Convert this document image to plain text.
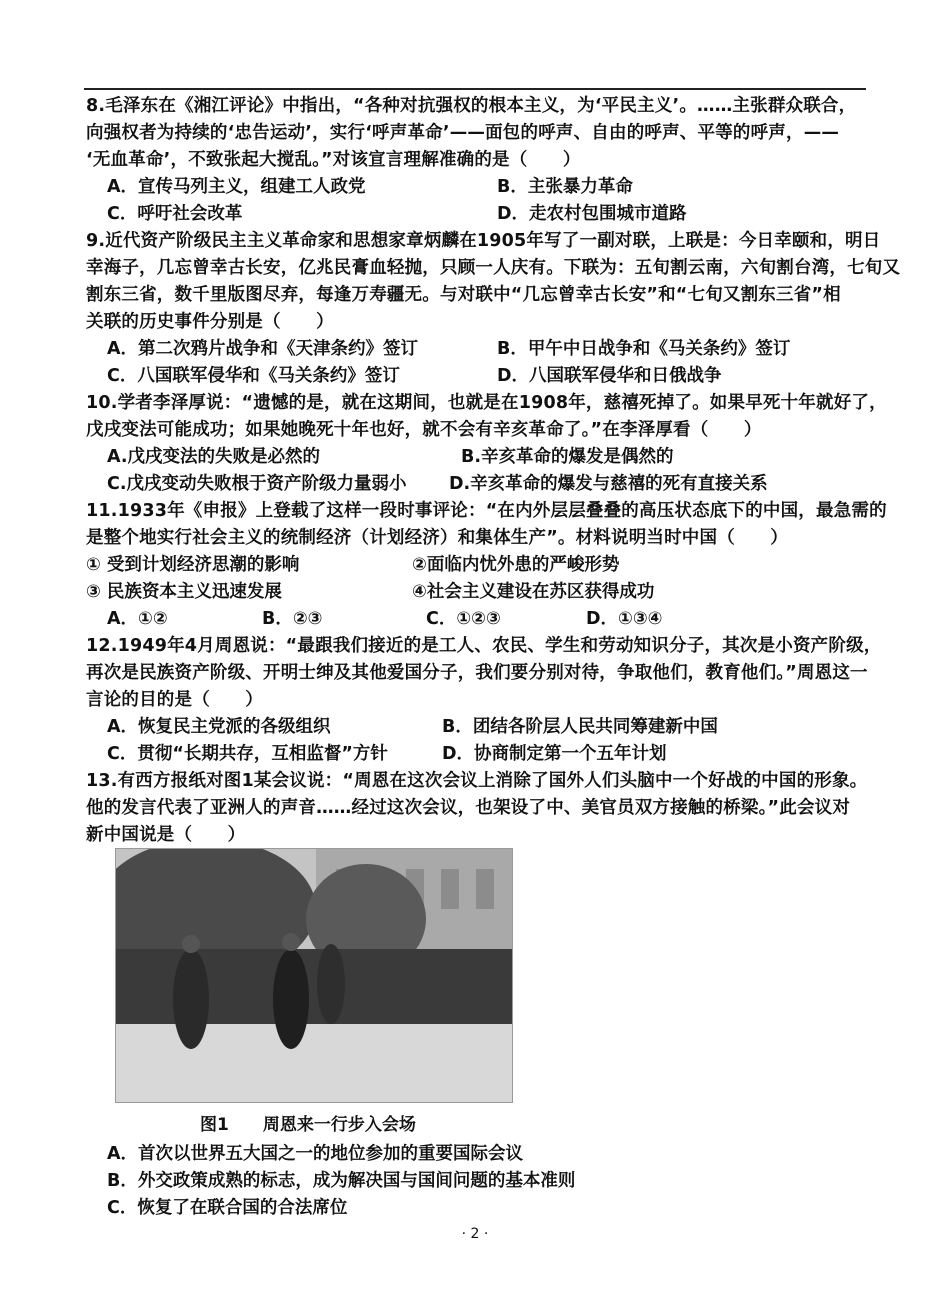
8.毛泽东在《湘江评论》中指出，“各种对抗强权的根本主义，为‘平民主义’。……主张群众联合，
向强权者为持续的‘忠告运动’，实行‘呼声革命’——面包的呼声、自由的呼声、平等的呼声，——
‘无血革命’，不致张起大搅乱。”对该宣言理解准确的是（　　）
A．宣传马列主义，组建工人政党	B．主张暴力革命
C．呼吁社会改革	D．走农村包围城市道路
9.近代资产阶级民主主义革命家和思想家章炳麟在1905年写了一副对联，上联是：今日幸颐和，明日
幸海子，几忘曾幸古长安，亿兆民膏血轻抛，只顾一人庆有。下联为：五旬割云南，六旬割台湾，七旬又
割东三省，数千里版图尽弃，每逢万寿疆无。与对联中“几忘曾幸古长安”和“七旬又割东三省”相
关联的历史事件分别是（　　）
A．第二次鸦片战争和《天津条约》签订	B．甲午中日战争和《马关条约》签订
C．八国联军侵华和《马关条约》签订	D．八国联军侵华和日俄战争
10.学者李泽厚说：“遗憾的是，就在这期间，也就是在1908年，慈禧死掉了。如果早死十年就好了，
戊戌变法可能成功；如果她晚死十年也好，就不会有辛亥革命了。”在李泽厚看（　　）
A.戊戌变法的失败是必然的	B.辛亥革命的爆发是偶然的
C.戊戌变动失败根于资产阶级力量弱小 D.辛亥革命的爆发与慈禧的死有直接关系
11.1933年《申报》上登载了这样一段时事评论：“在内外层层叠叠的高压状态底下的中国，最急需的
是整个地实行社会主义的统制经济（计划经济）和集体生产”。材料说明当时中国（　　）
① 受到计划经济思潮的影响	②面临内忧外患的严峻形势
③ 民族资本主义迅速发展	④社会主义建设在苏区获得成功
A．①②	B．②③	C．①②③	D．①③④
12.1949年4月周恩说：“最跟我们接近的是工人、农民、学生和劳动知识分子，其次是小资产阶级，
再次是民族资产阶级、开明士绅及其他爱国分子，我们要分别对待，争取他们，教育他们。”周恩这一
言论的目的是（　　）
A．恢复民主党派的各级组织	B．团结各阶层人民共同筹建新中国
C．贯彻“长期共存，互相监督”方针	D．协商制定第一个五年计划
13.有西方报纸对图1某会议说：“周恩在这次会议上消除了国外人们头脑中一个好战的中国的形象。
他的发言代表了亚洲人的声音……经过这次会议，也架设了中、美官员双方接触的桥梁。”此会议对
新中国说是（　　）
图1　　周恩来一行步入会场
A．首次以世界五大国之一的地位参加的重要国际会议
B．外交政策成熟的标志，成为解决国与国间问题的基本准则
C．恢复了在联合国的合法席位
· 2 ·
